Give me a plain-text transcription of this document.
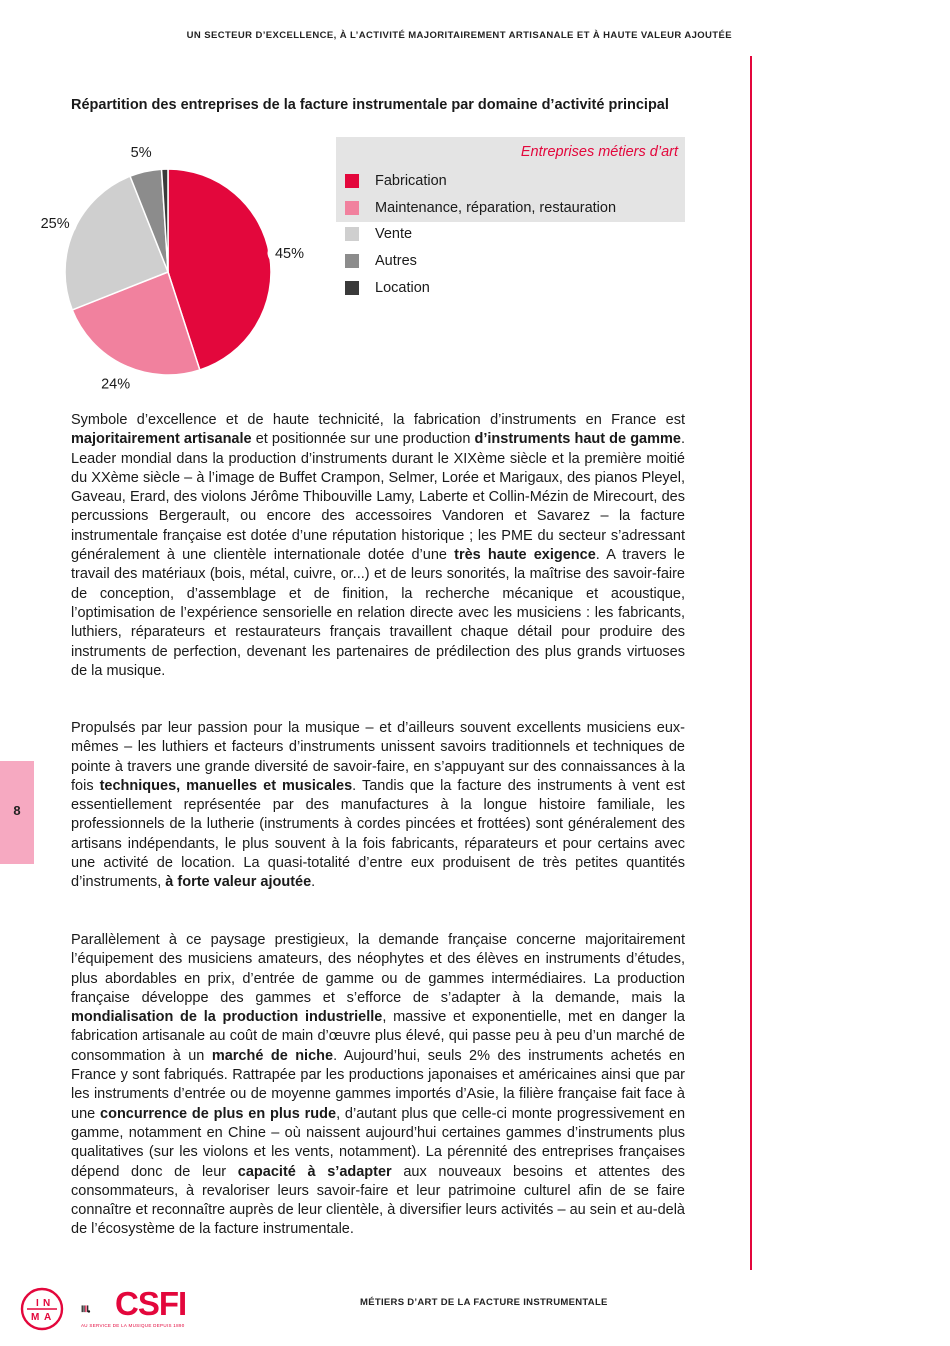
UN SECTEUR D’EXCELLENCE, À L’ACTIVITÉ MAJORITAIREMENT ARTISANALE ET À HAUTE VALEUR AJOUTÉE
8
Répartition des entreprises de la facture instrumentale par domaine d’activité principal
45%
24%
25%
5%	Entreprises métiers d’art
Fabrication
Maintenance, réparation, restauration
Vente
Autres
Location
Symbole d’excellence et de haute technicité, la fabrication d’instruments en France est majoritairement artisanale et positionnée sur une production d’instruments haut de gamme. Leader mondial dans la production d’instruments durant le XIXème siècle et la première moitié du XXème siècle – à l’image de Buffet Crampon, Selmer, Lorée et Marigaux, des pianos Pleyel, Gaveau, Erard, des violons Jérôme Thibouville Lamy, Laberte et Collin-Mézin de Mirecourt, des percussions Bergerault, ou encore des accessoires Vandoren et Savarez – la facture instrumentale française est dotée d’une réputation historique ; les PME du secteur s’adressant généralement à une clientèle internationale dotée d’une très haute exigence. A travers le travail des matériaux (bois, métal, cuivre, or...) et de leurs sonorités, la maîtrise des savoir-faire de conception, d’assemblage et de finition, la recherche mécanique et acoustique, l’optimisation de l’expérience sensorielle en relation directe avec les musiciens : les fabricants, luthiers, réparateurs et restaurateurs français travaillent chaque détail pour produire des instruments de perfection, devenant les partenaires de prédilection des plus grands virtuoses de la musique.
Propulsés par leur passion pour la musique – et d’ailleurs souvent excellents musiciens eux-mêmes – les luthiers et facteurs d’instruments unissent savoirs traditionnels et techniques de pointe à travers une grande diversité de savoir-faire, en s’appuyant sur des connaissances à la fois techniques, manuelles et musicales. Tandis que la facture des instruments à vent est essentiellement représentée par des manufactures à la longue histoire familiale, les professionnels de la lutherie (instruments à cordes pincées et frottées) sont généralement des artisans indépendants, le plus souvent à la fois fabricants, réparateurs et pour certains avec une activité de location. La quasi-totalité d’entre eux produisent de très petites quantités d’instruments, à forte valeur ajoutée.
Parallèlement à ce paysage prestigieux, la demande française concerne majoritairement l’équipement des musiciens amateurs, des néophytes et des élèves en instruments d’études, plus abordables en prix, d’entrée de gamme ou de gammes intermédiaires. La production française développe des gammes et s’efforce de s’adapter à la demande, mais la mondialisation de la production industrielle, massive et exponentielle, met en danger la fabrication artisanale au coût de main d’œuvre plus élevé, qui passe peu à peu d’un marché de consommation à un marché de niche. Aujourd’hui, seuls 2% des instruments achetés en France y sont fabriqués. Rattrapée par les productions japonaises et américaines ainsi que par les instruments d’entrée ou de moyenne gammes importés d’Asie, la filière française fait face à une concurrence de plus en plus rude, d’autant plus que celle-ci monte progressivement en gamme, notamment en Chine – où naissent aujourd’hui certaines gammes d’instruments plus qualitatives (sur les violons et les vents, notamment). La pérennité des entreprises françaises dépend donc de leur capacité à s’adapter aux nouveaux besoins et attentes des consommateurs, à revaloriser leurs savoir-faire et leur patrimoine culturel afin de se faire connaître et reconnaître auprès de leur clientèle, à diversifier leurs activités – au sein et au-delà de l’écosystème de la facture instrumentale.
MÉTIERS D’ART DE LA FACTURE INSTRUMENTALE
I N
M A CSFI
AU SERVICE DE LA MUSIQUE DEPUIS 1890
